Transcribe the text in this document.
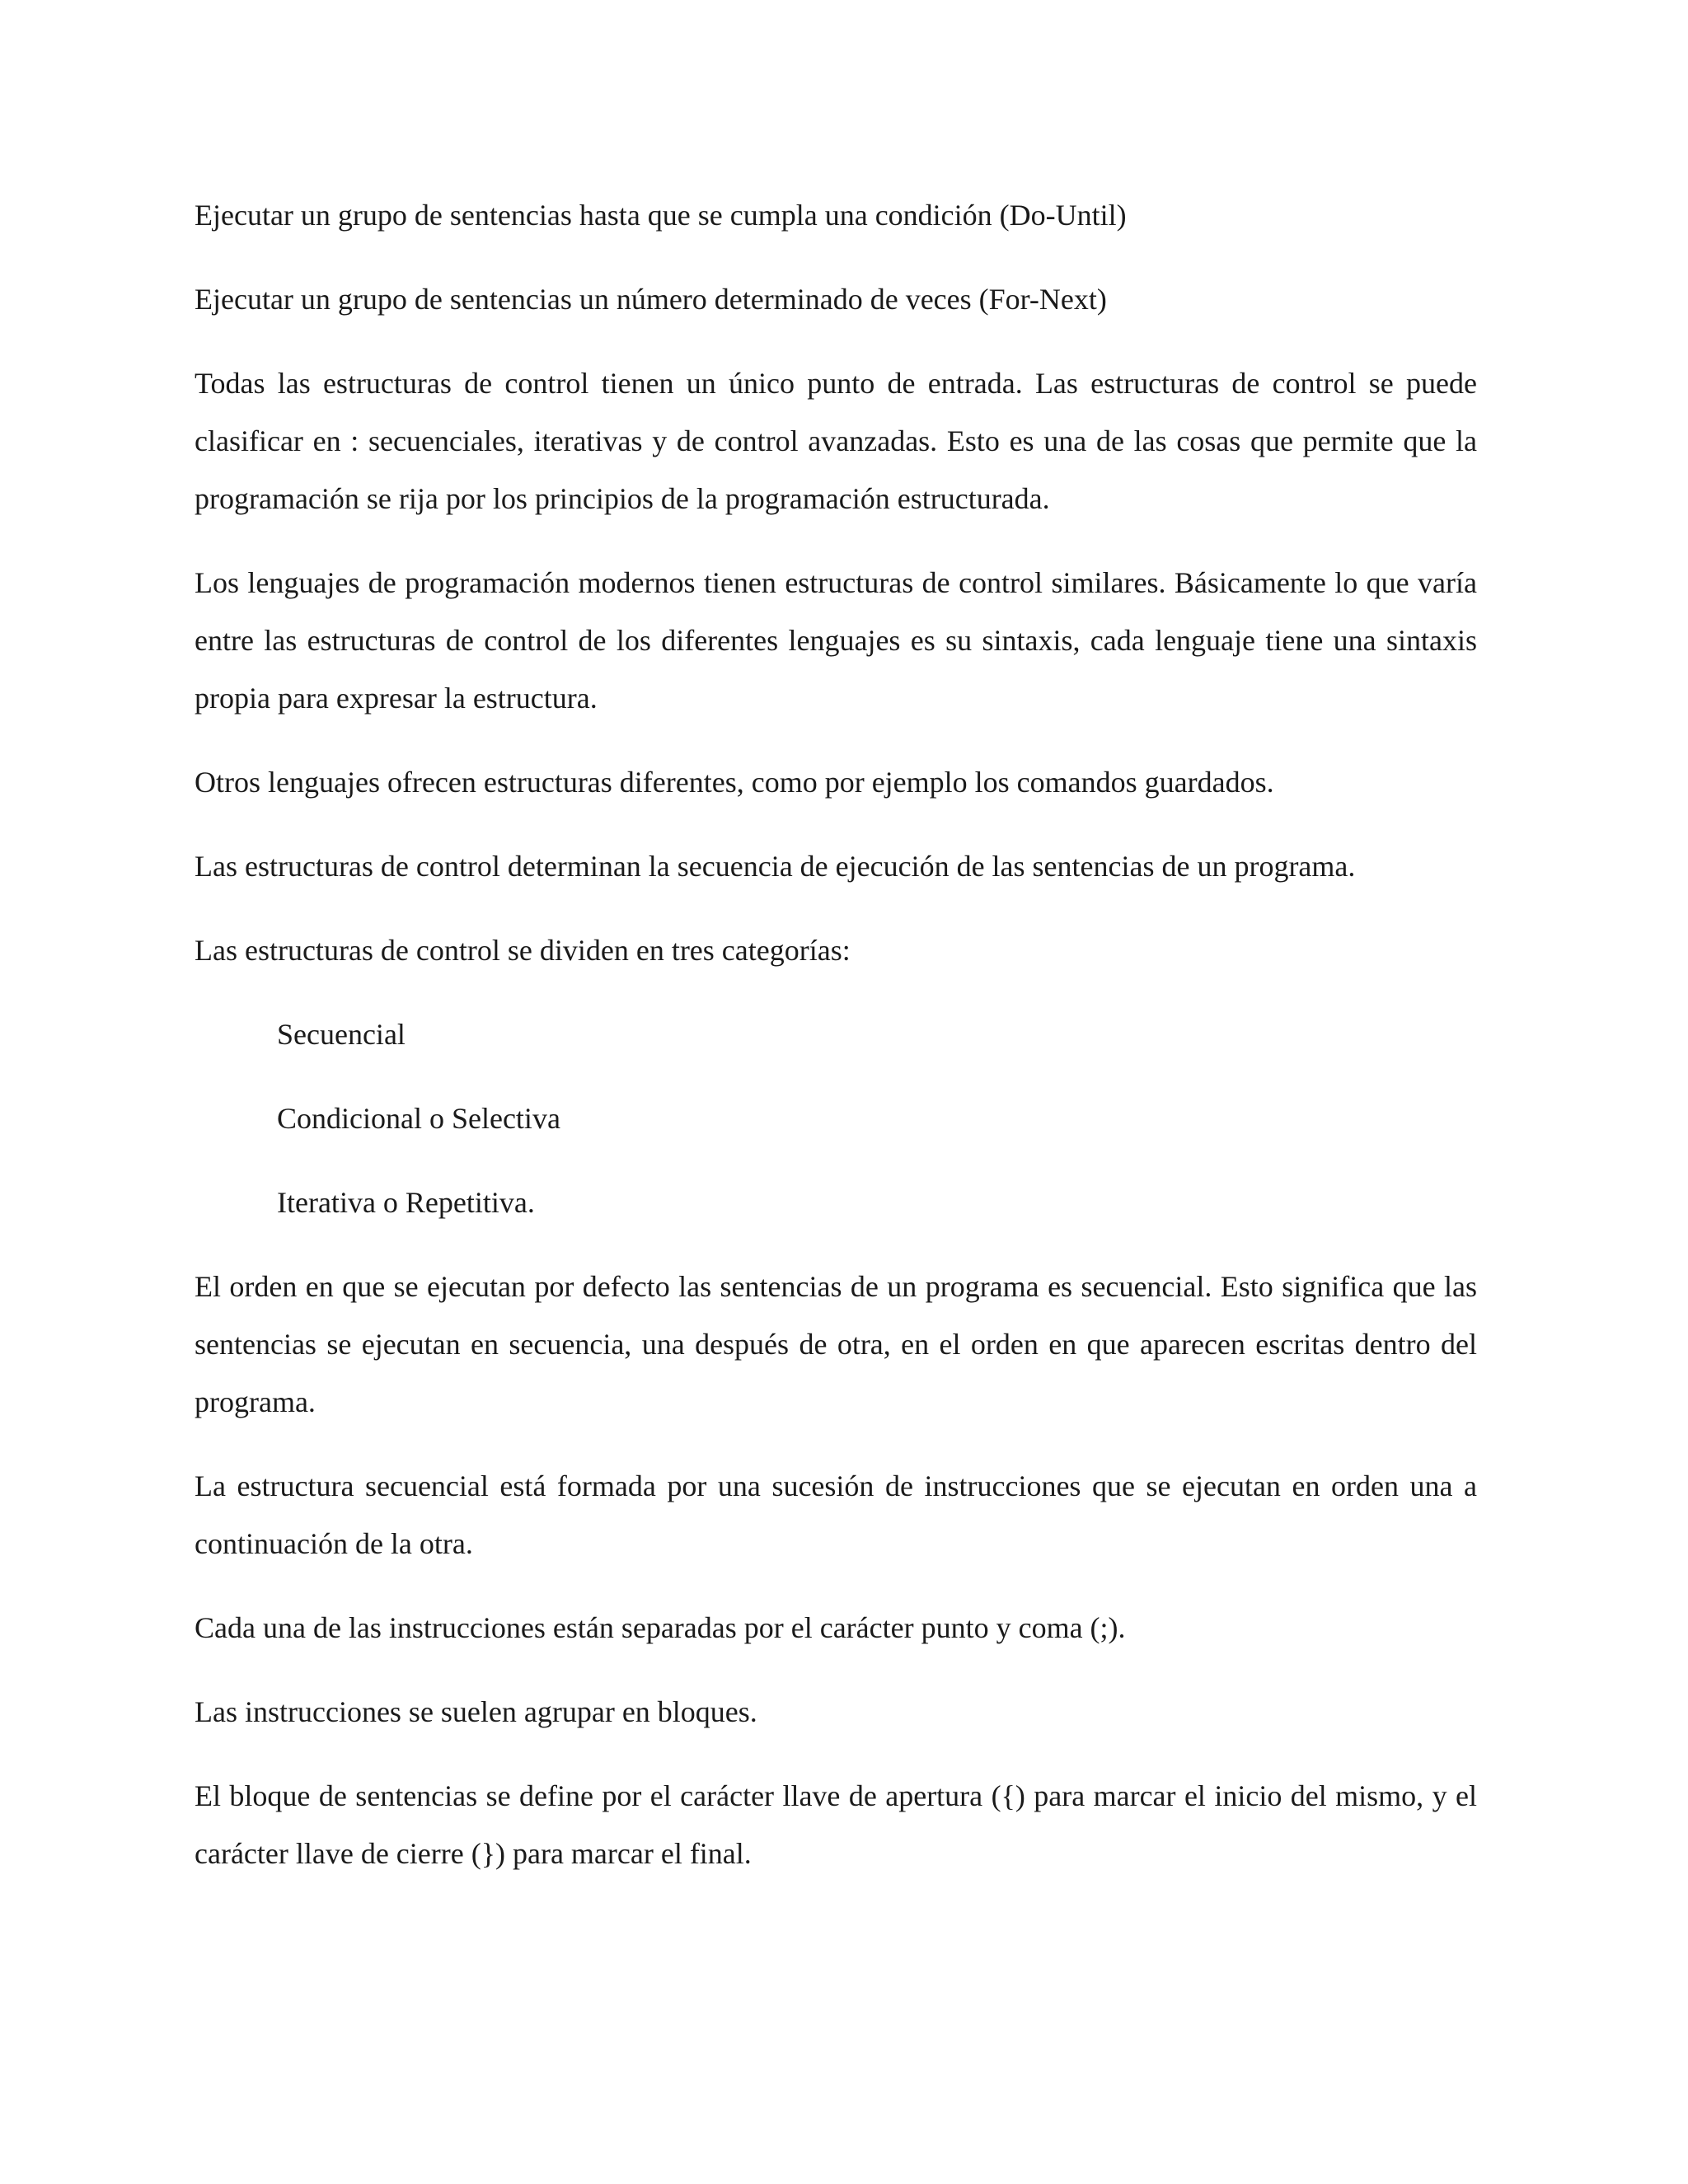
Ejecutar un grupo de sentencias hasta que se cumpla una condición (Do-Until)

Ejecutar un grupo de sentencias un número determinado de veces (For-Next)

Todas las estructuras de control tienen un único punto de entrada. Las estructuras de control se puede clasificar en : secuenciales, iterativas y de control avanzadas. Esto es una de las cosas que permite que la programación se rija por los principios de la programación estructurada.

Los lenguajes de programación modernos tienen estructuras de control similares. Básicamente lo que varía entre las estructuras de control de los diferentes lenguajes es su sintaxis, cada lenguaje tiene una sintaxis propia para expresar la estructura.

Otros lenguajes ofrecen estructuras diferentes, como por ejemplo los comandos guardados.

Las estructuras de control determinan la secuencia de ejecución de las sentencias de un programa.

Las estructuras de control se dividen en tres categorías:

Secuencial
Condicional o Selectiva
Iterativa o Repetitiva.

El orden en que se ejecutan por defecto las sentencias de un programa es secuencial. Esto significa que las sentencias se ejecutan en secuencia, una después de otra, en el orden en que aparecen escritas dentro del programa.

La estructura secuencial está formada por una sucesión de instrucciones que se ejecutan en orden una a continuación de la otra.

Cada una de las instrucciones están separadas por el carácter punto y coma (;).

Las instrucciones se suelen agrupar en bloques.

El bloque de sentencias se define por el carácter llave de apertura ({) para marcar el inicio del mismo, y el carácter llave de cierre (}) para marcar el final.
